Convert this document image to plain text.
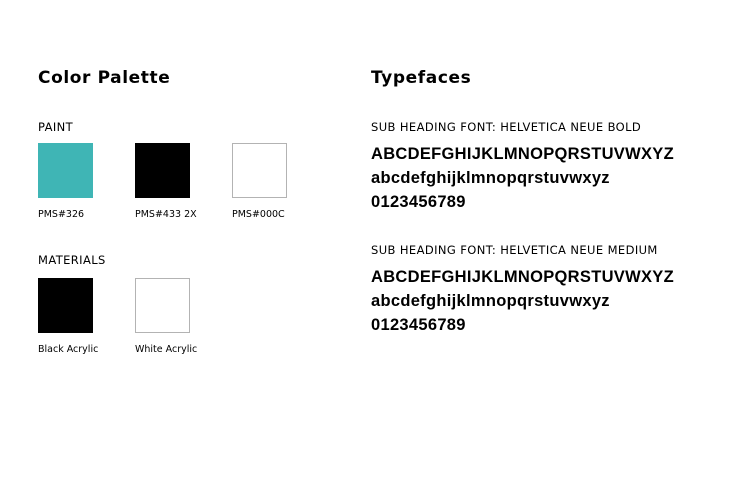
Color Palette
PAINT
PMS#326	PMS#433 2X	PMS#000C
MATERIALS
Black Acrylic	White Acrylic
Typefaces
SUB HEADING FONT: HELVETICA NEUE BOLD
ABCDEFGHIJKLMNOPQRSTUVWXYZ
abcdefghijklmnopqrstuvwxyz
0123456789
SUB HEADING FONT: HELVETICA NEUE MEDIUM
ABCDEFGHIJKLMNOPQRSTUVWXYZ
abcdefghijklmnopqrstuvwxyz
0123456789
